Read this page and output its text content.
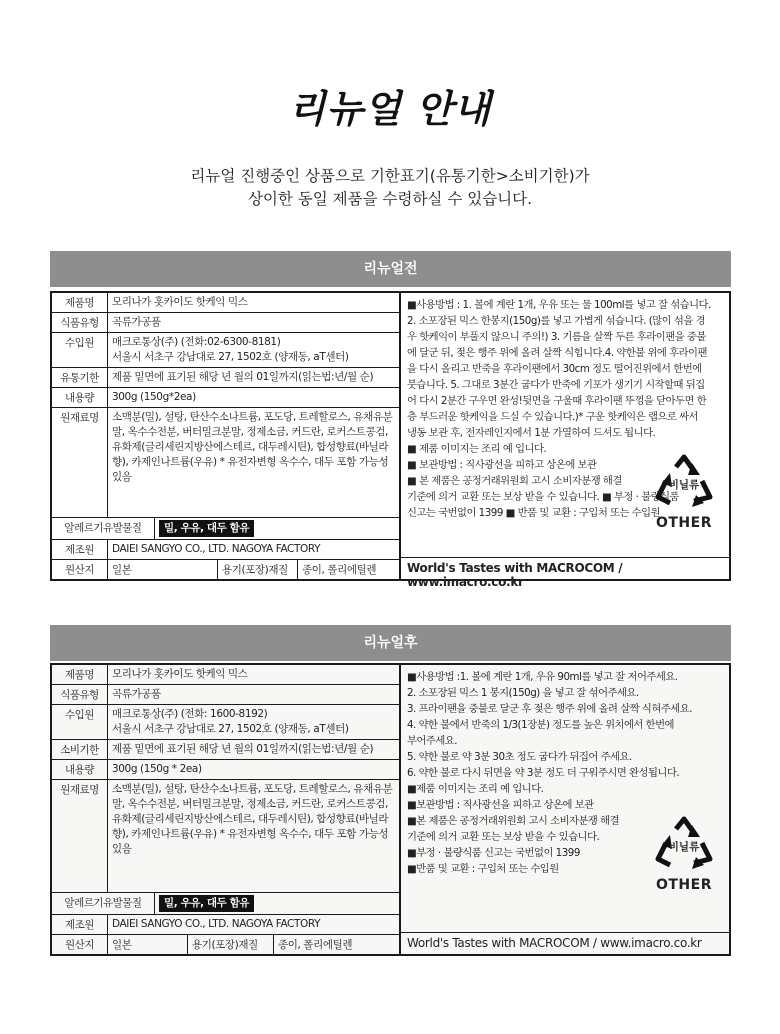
리뉴얼 안내
리뉴얼 진행중인 상품으로 기한표기(유통기한>소비기한)가
상이한 동일 제품을 수령하실 수 있습니다.
리뉴얼전
제품명	모리나가 홋카이도 핫케익 믹스
식품유형	곡류가공품
수입원	매크로통상(주) (전화:02-6300-8181)
서울시 서초구 강남대로 27, 1502호 (양재동, aT센터)
유통기한	제품 밑면에 표기된 해당 년 월의 01일까지(읽는법:년/월 순)
내용량	300g (150g*2ea)
원재료명	소맥분(밀), 설탕, 탄산수소나트륨, 포도당, 트레할로스, 유채유분말, 옥수수전분, 버터밀크분말, 정제소금, 커드란, 로커스트콩검, 유화제(글리세린지방산에스테르, 대두레시틴), 합성향료(바닐라향), 카제인나트륨(우유) * 유전자변형 옥수수, 대두 포함 가능성 있음
알레르기유발물질	밀, 우유, 대두 함유
제조원	DAIEI SANGYO CO., LTD. NAGOYA FACTORY
원산지	일본	용기(포장)재질	종이, 폴리에틸렌

■사용방법 : 1. 볼에 계란 1개, 우유 또는 물 100ml를 넣고 잘 섞습니다.

2. 소포장된 믹스 한봉지(150g)를 넣고 가볍게 섞습니다. (많이 섞을 경

우 핫케익이 부풀지 않으니 주의!) 3. 기름을 살짝 두른 후라이팬을 중불

에 달군 뒤, 젖은 행주 위에 올려 살짝 식힙니다.4. 약한불 위에 후라이팬

을 다시 올리고 반죽을 후라이팬에서 30cm 정도 떨어진위에서 한번에

붓습니다. 5. 그대로 3분간 굽다가 반죽에 기포가 생기기 시작할때 뒤집

어 다시 2분간 구우면 완성!뒷면을 구울때 후라이팬 뚜껑을 닫아두면 한

층 부드러운 핫케익을 드실 수 있습니다.)* 구운 핫케익은 랩으로 싸서

냉동 보관 후, 전자레인지에서 1분 가열하여 드셔도 됩니다.

■ 제품 이미지는 조리 예 입니다.

■ 보관방법 : 직사광선을 피하고 상온에 보관

■ 본 제품은 공정거래위원회 고시 소비자분쟁 해결

기준에 의거 교환 또는 보상 받을 수 있습니다. ■ 부정 · 불량식품

신고는 국번없이 1399 ■ 반품 및 교환 : 구입처 또는 수입원

World's Tastes with MACROCOM / www.imacro.co.kr
비닐류
OTHER
리뉴얼후
제품명	모리나가 홋카이도 핫케익 믹스
식품유형	곡류가공품
수입원	매크로통상(주) (전화: 1600-8192)
서울시 서초구 강남대로 27, 1502호 (양재동, aT센터)
소비기한	제품 밑면에 표기된 해당 년 월의 01일까지(읽는법:년/월 순)
내용량	300g (150g * 2ea)
원재료명	소맥분(밀), 설탕, 탄산수소나트륨, 포도당, 트레할로스, 유채유분말, 옥수수전분, 버터밀크분말, 정제소금, 커드란, 로커스트콩검, 유화제(글리세린지방산에스테르, 대두레시틴), 합성향료(바닐라향), 카제인나트륨(우유) * 유전자변형 옥수수, 대두 포함 가능성 있음
알레르기유발물질	밀, 우유, 대두 함유
제조원	DAIEI SANGYO CO., LTD. NAGOYA FACTORY
원산지	일본	용기(포장)재질	종이, 폴리에틸렌

■사용방법 :1. 볼에 계란 1개, 우유 90ml를 넣고 잘 저어주세요.

2. 소포장된 믹스 1 봉지(150g) 을 넣고 잘 섞어주세요.

3. 프라이팬을 중불로 달군 후 젖은 행주 위에 올려 살짝 식혀주세요.

4. 약한 불에서 반죽의 1/3(1장분) 정도를 높은 위치에서 한번에

부어주세요.

5. 약한 불로 약 3분 30초 정도 굽다가 뒤집어 주세요.

6. 약한 불로 다시 뒤면을 약 3분 정도 더 구워주시면 완성됩니다.

■제품 이미지는 조리 예 입니다.

■보관방법 : 직사광선을 피하고 상온에 보관

■본 제품은 공정거래위원회 고시 소비자분쟁 해결

기준에 의거 교환 또는 보상 받을 수 있습니다.

■부정 · 불량식품 신고는 국번없이 1399

■반품 및 교환 : 구입처 또는 수입원

World's Tastes with MACROCOM / www.imacro.co.kr
비닐류
OTHER
